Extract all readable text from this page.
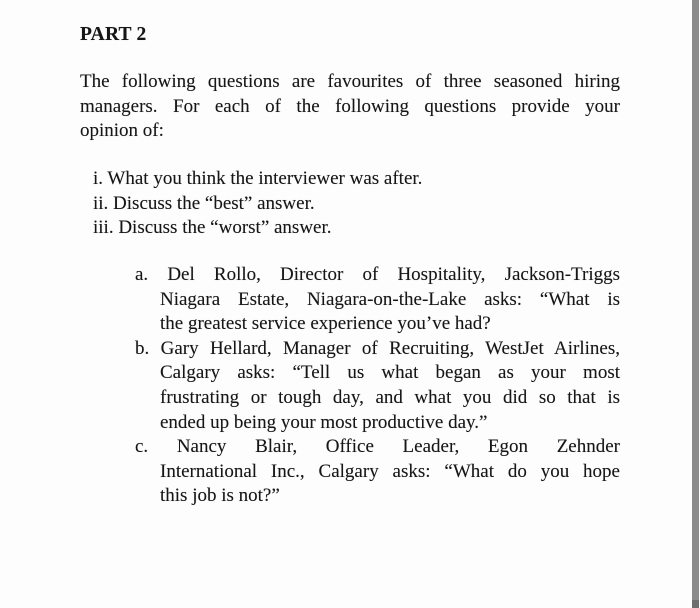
PART 2
The following questions are favourites of three seasoned hiring
managers. For each of the following questions provide your
opinion of:
i. What you think the interviewer was after.
ii. Discuss the “best” answer.
iii. Discuss the “worst” answer.
a. Del Rollo, Director of Hospitality, Jackson-Triggs
Niagara Estate, Niagara-on-the-Lake asks: “What is
the greatest service experience you’ve had?
b. Gary Hellard, Manager of Recruiting, WestJet Airlines,
Calgary asks: “Tell us what began as your most
frustrating or tough day, and what you did so that is
ended up being your most productive day.”
c. Nancy Blair, Office Leader, Egon Zehnder
International Inc., Calgary asks: “What do you hope
this job is not?”
